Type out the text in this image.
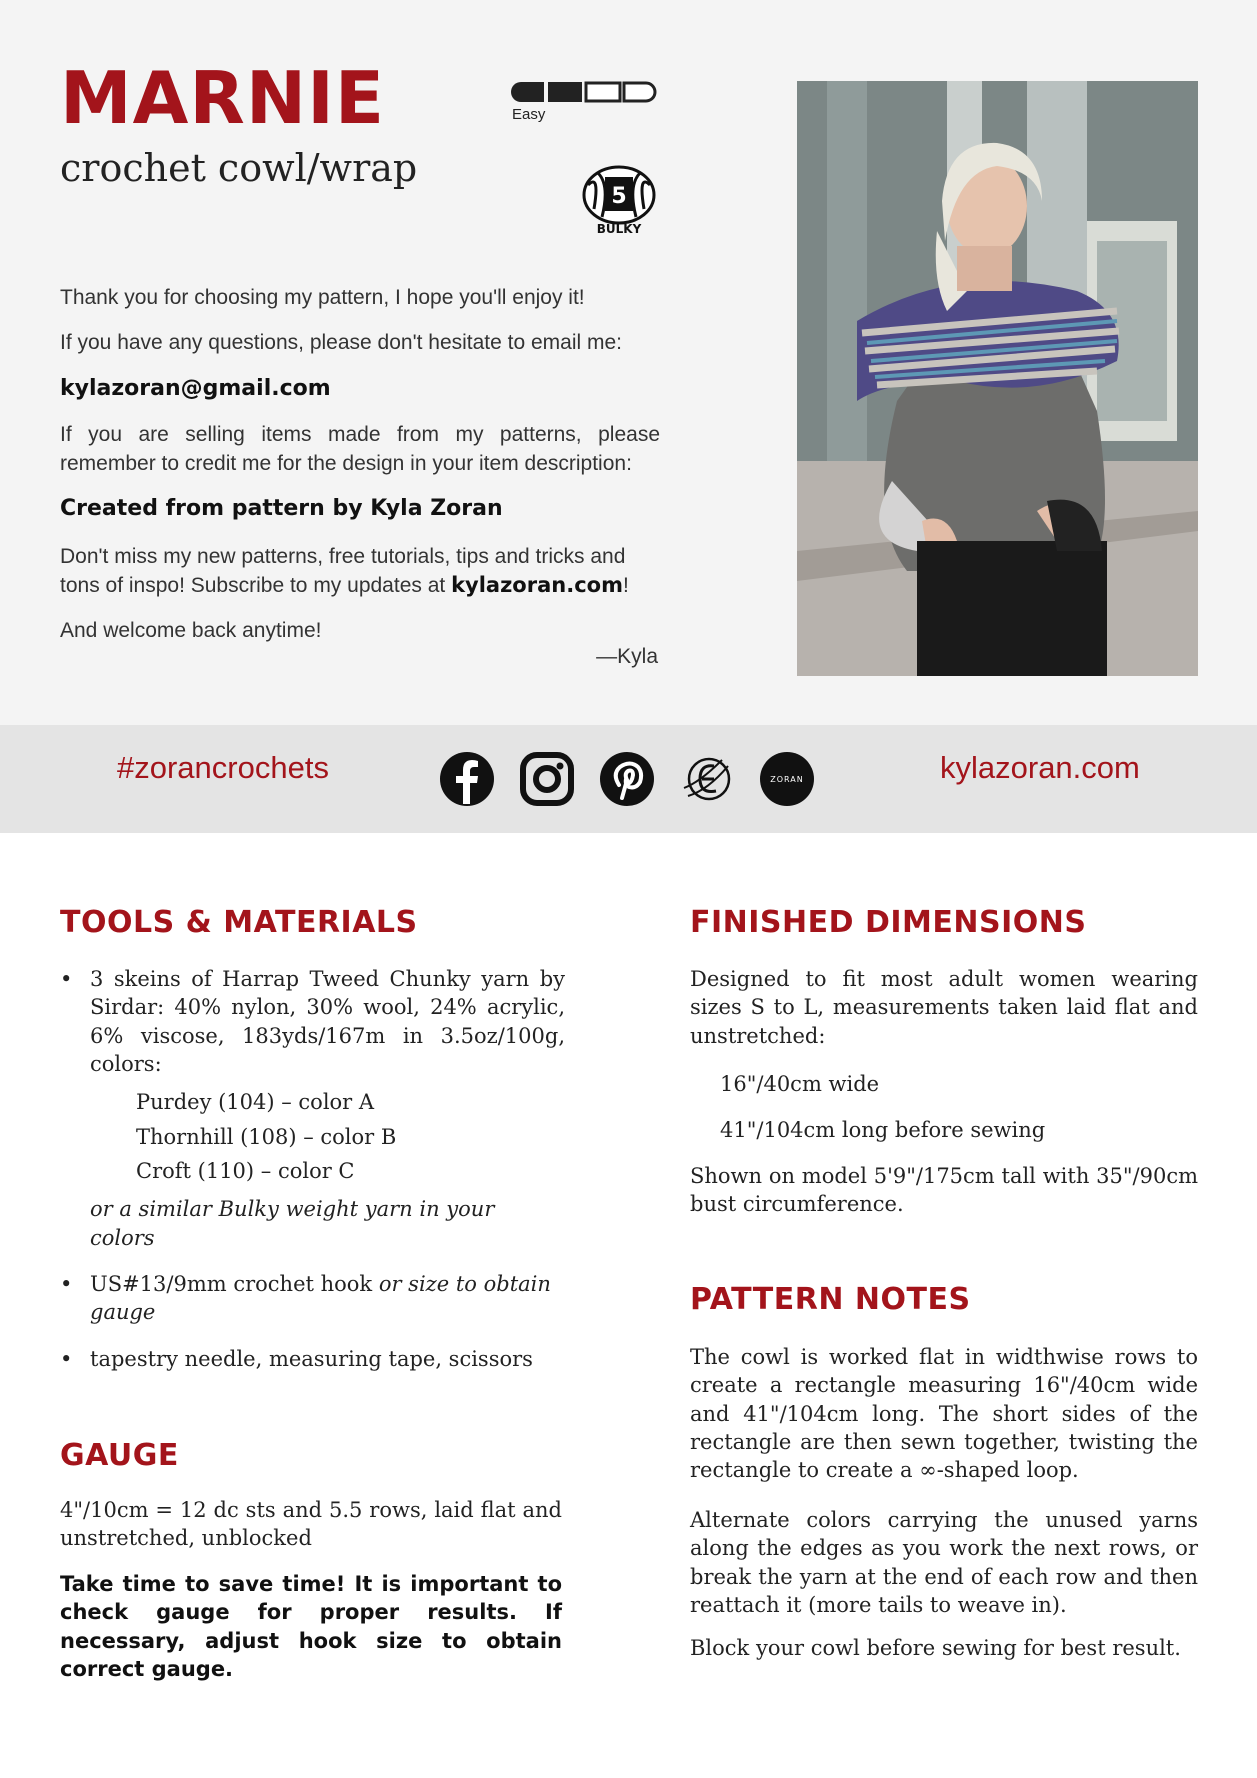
MARNIE
crochet cowl/wrap
Easy
5
BULKY
Thank you for choosing my pattern, I hope you'll enjoy it!
If you have any questions, please don't hesitate to email me:
kylazoran@gmail.com
If you are selling items made from my patterns, please remember to credit me for the design in your item description:
Created from pattern by Kyla Zoran
Don't miss my new patterns, free tutorials, tips and tricks and tons of inspo! Subscribe to my updates at kylazoran.com!
And welcome back anytime!
—Kyla
#zorancrochets	ZORAN	kylazoran.com
TOOLS & MATERIALS
• 3 skeins of Harrap Tweed Chunky yarn by Sirdar: 40% nylon, 30% wool, 24% acrylic, 6% viscose, 183yds/167m in 3.5oz/100g, colors:
Purdey (104) – color A
Thornhill (108) – color B
Croft (110) – color C
or a similar Bulky weight yarn in your colors
• US#13/9mm crochet hook or size to obtain gauge
• tapestry needle, measuring tape, scissors
GAUGE
4"/10cm = 12 dc sts and 5.5 rows, laid flat and unstretched, unblocked
Take time to save time! It is important to check gauge for proper results. If necessary, adjust hook size to obtain correct gauge.
FINISHED DIMENSIONS
Designed to fit most adult women wearing sizes S to L, measurements taken laid flat and unstretched:
16"/40cm wide
41"/104cm long before sewing
Shown on model 5'9"/175cm tall with 35"/90cm bust circumference.
PATTERN NOTES
The cowl is worked flat in widthwise rows to create a rectangle measuring 16"/40cm wide and 41"/104cm long. The short sides of the rectangle are then sewn together, twisting the rectangle to create a ∞-shaped loop.
Alternate colors carrying the unused yarns along the edges as you work the next rows, or break the yarn at the end of each row and then reattach it (more tails to weave in).
Block your cowl before sewing for best result.
